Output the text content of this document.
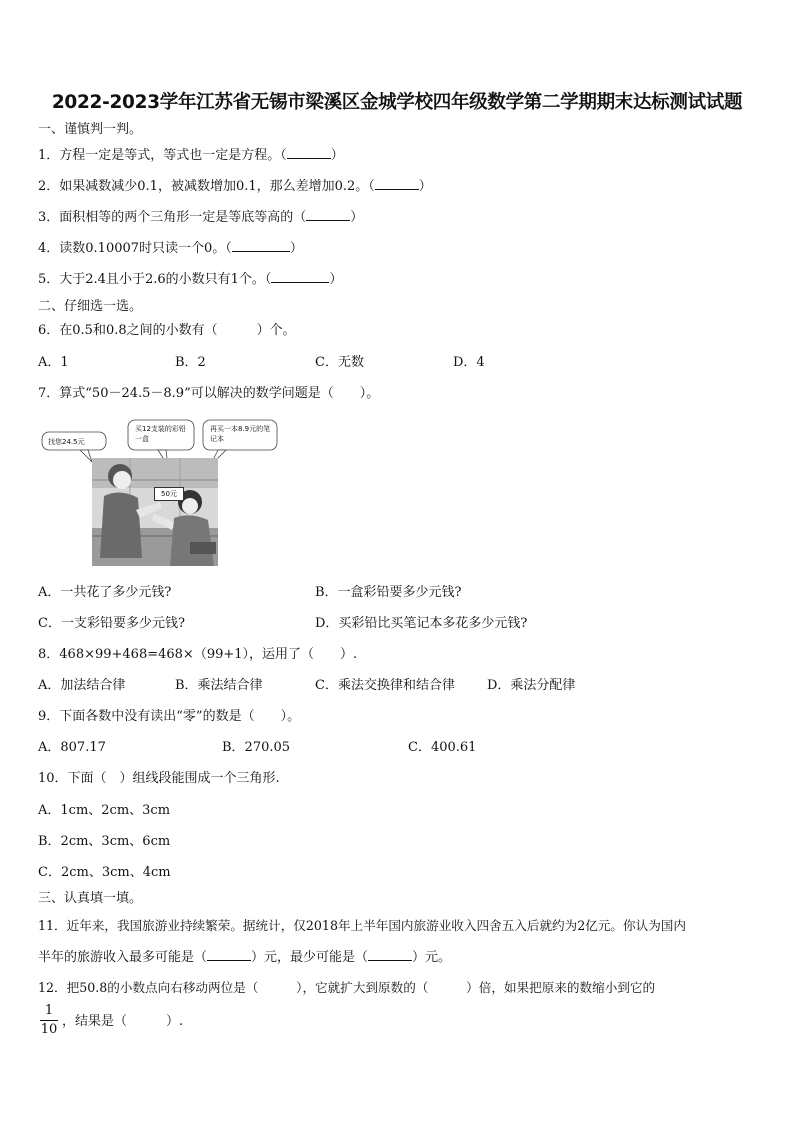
2022-2023学年江苏省无锡市梁溪区金城学校四年级数学第二学期期末达标测试试题
一、谨慎判一判。
1．方程一定是等式，等式也一定是方程。（	）
2．如果减数减少0.1，被减数增加0.1，那么差增加0.2。（	）
3．面积相等的两个三角形一定是等底等高的（	）
4．读数0.10007时只读一个0。（	）
5．大于2.4且小于2.6的小数只有1个。（	）
二、仔细选一选。
6．在0.5和0.8之间的小数有（　　　）个。
A．1	B．2	C．无数	D．4
7．算式“50－24.5－8.9”可以解决的数学问题是（　　）。
找您24.5元
买12支装的彩铅一盒
再买一本8.9元的笔记本
50元
A．一共花了多少元钱?	B．一盒彩铅要多少元钱?
C．一支彩铅要多少元钱?	D．买彩铅比买笔记本多花多少元钱?
8．468×99+468=468×（99+1），运用了（　　）.
A．加法结合律	B．乘法结合律	C．乘法交换律和结合律 D．乘法分配律
9．下面各数中没有读出“零”的数是（　　）。
A．807.17	B．270.05	C．400.61
10．下面（　）组线段能围成一个三角形.
A．1cm、2cm、3cm
B．2cm、3cm、6cm
C．2cm、3cm、4cm
三、认真填一填。
11．近年来，我国旅游业持续繁荣。据统计，仅2018年上半年国内旅游业收入四舍五入后就约为2亿元。你认为国内
半年的旅游收入最多可能是（	）元，最少可能是（	）元。
12．把50.8的小数点向右移动两位是（　　　），它就扩大到原数的（　　　）倍，如果把原来的数缩小到它的
1
10
，结果是（　　　）.
